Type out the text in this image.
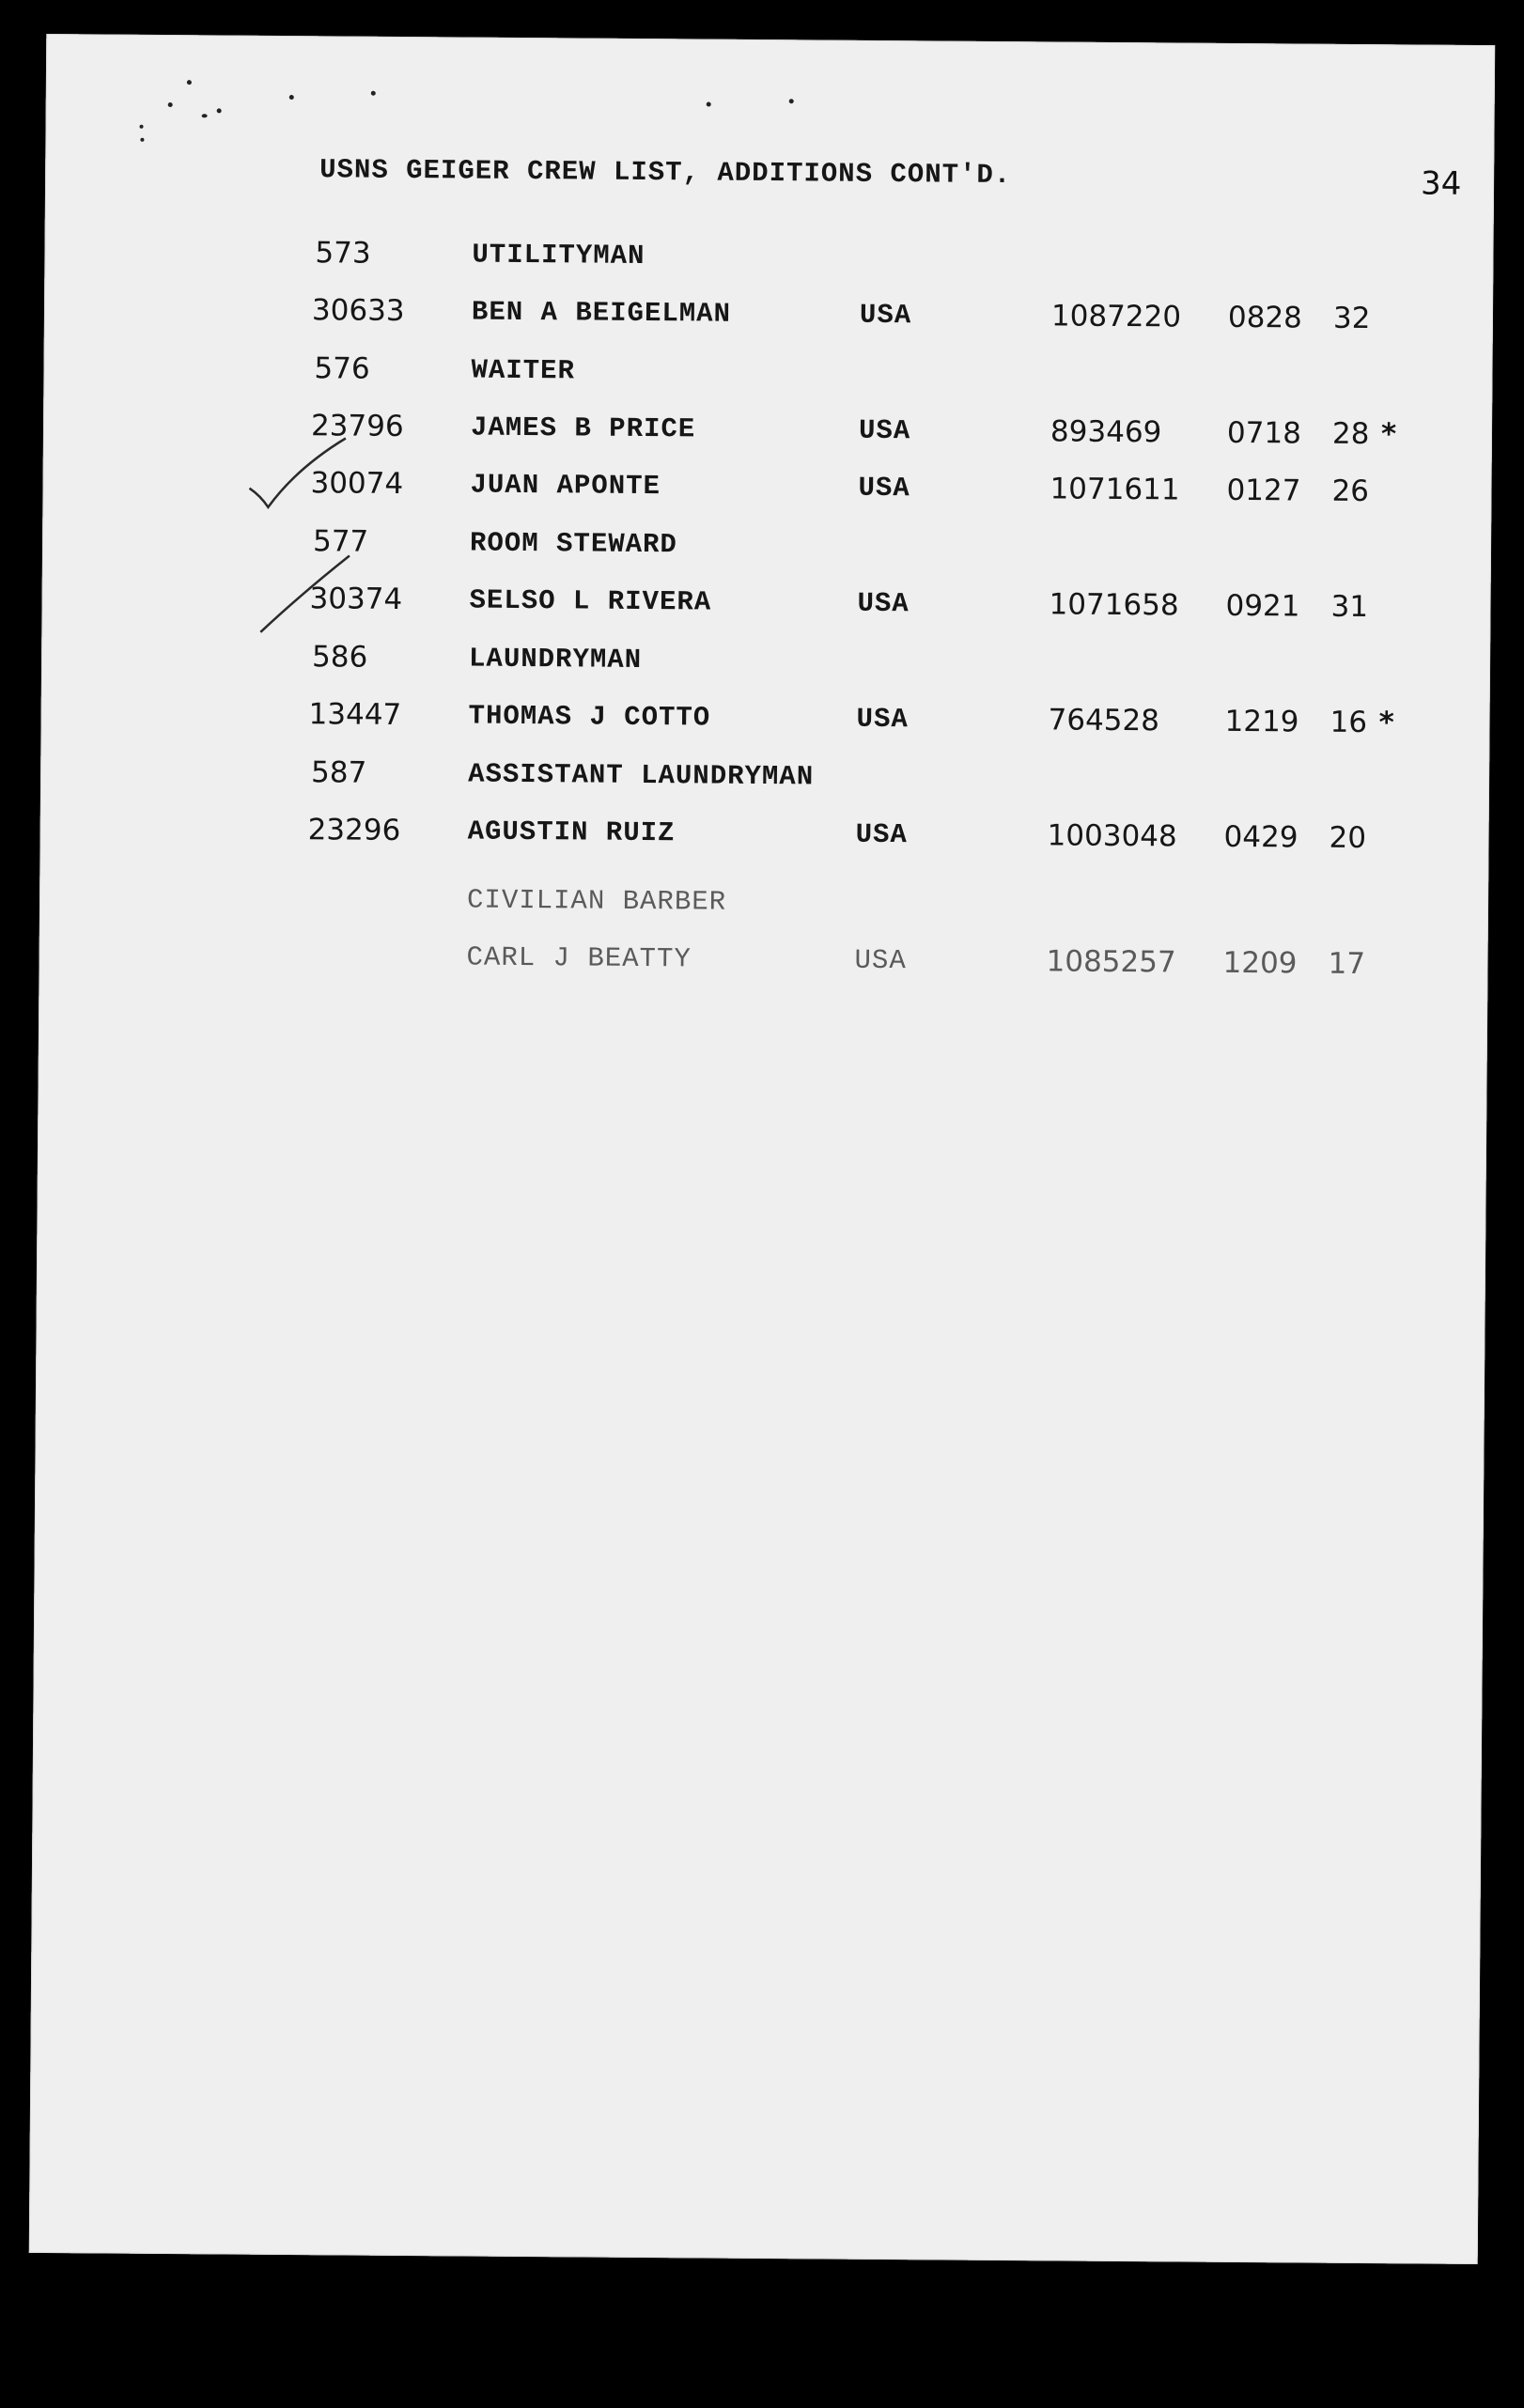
34
USNS GEIGER CREW LIST, ADDITIONS CONT'D.
573	UTILITYMAN
30633 BEN A BEIGELMAN	USA	1087220 0828 32
576	WAITER
23796 JAMES B PRICE	USA	893469 0718 28 *
30074 JUAN APONTE	USA	1071611 0127 26
577	ROOM STEWARD
30374 SELSO L RIVERA	USA	1071658 0921 31
586	LAUNDRYMAN
13447 THOMAS J COTTO	USA	764528 1219 16 *
587	ASSISTANT LAUNDRYMAN
23296 AGUSTIN RUIZ	USA	1003048 0429 20
CIVILIAN BARBER
CARL J BEATTY	USA	1085257 1209 17
